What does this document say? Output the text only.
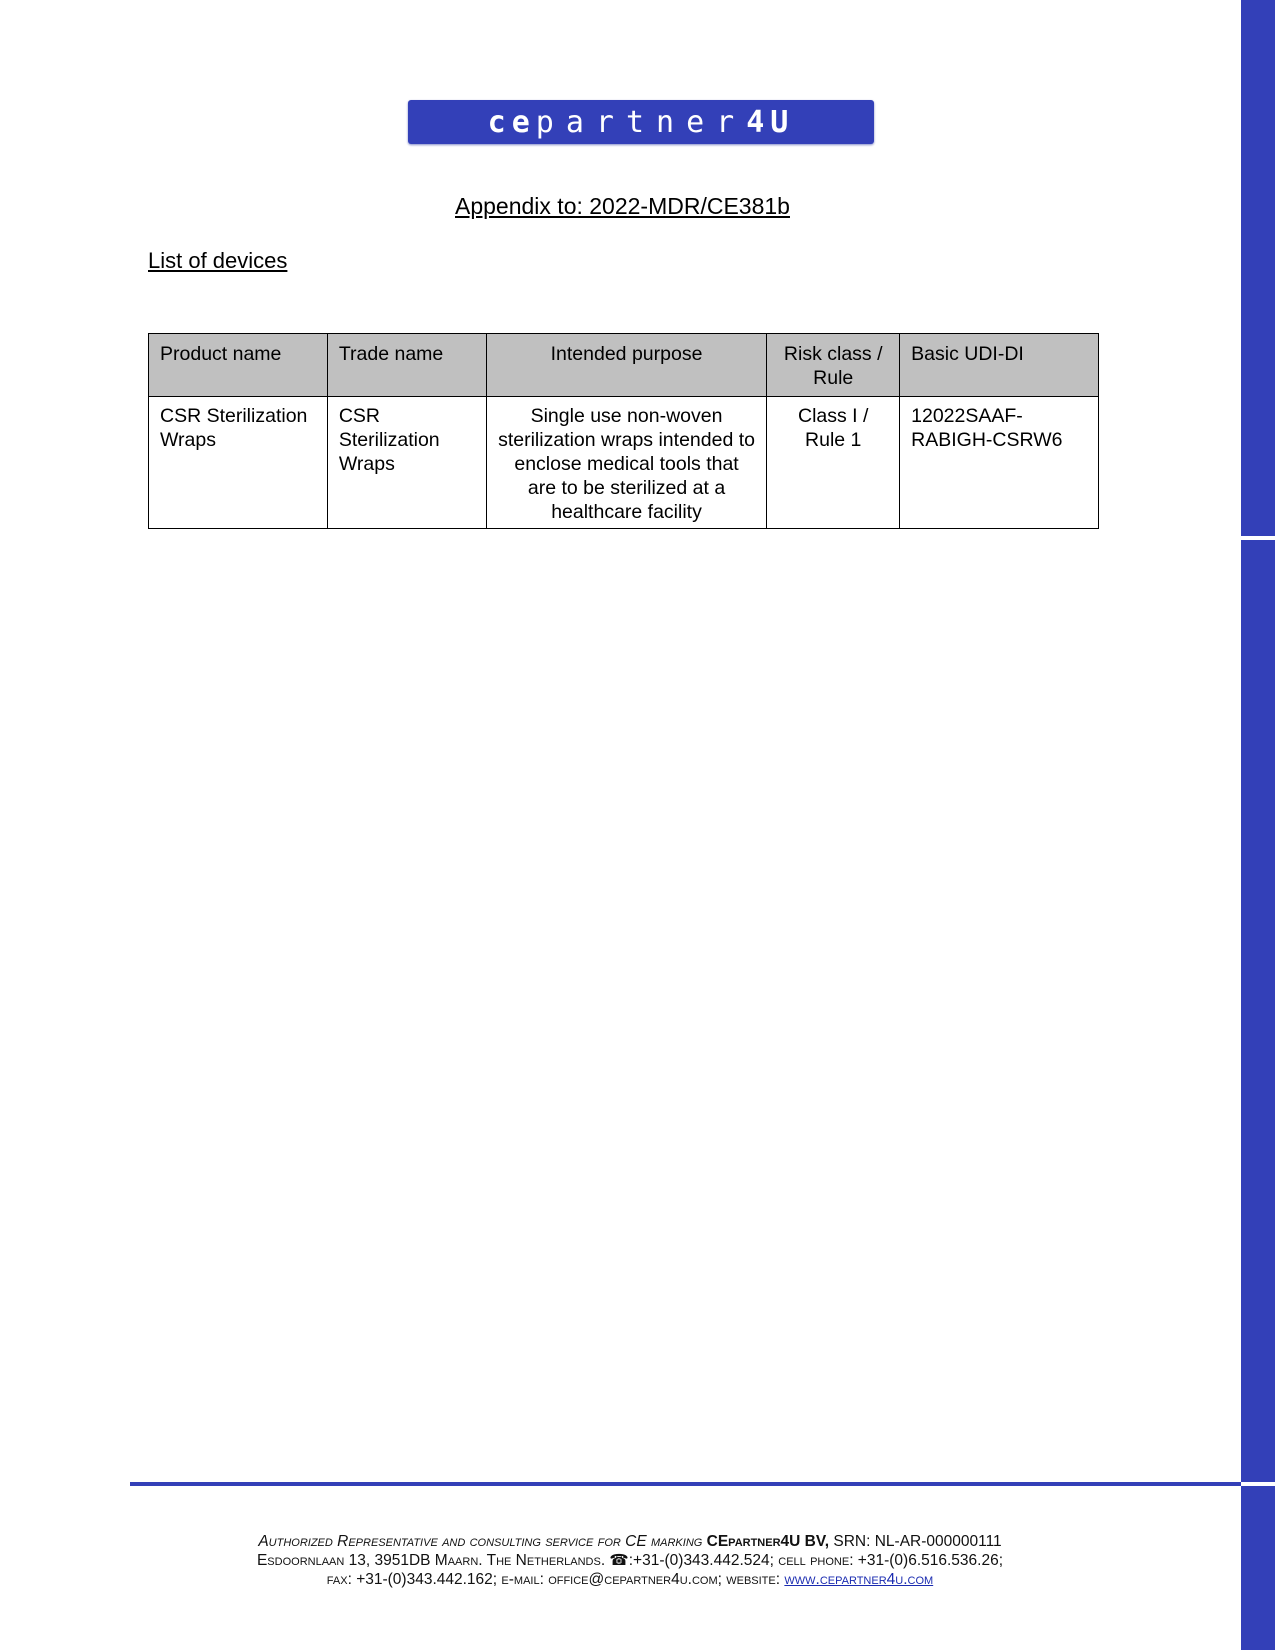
ce partner 4U
Appendix to: 2022-MDR/CE381b
List of devices
Product name	Trade name	Intended purpose	Risk class / Rule	Basic UDI-DI
CSR Sterilization Wraps	CSR Sterilization Wraps	Single use non-woven sterilization wraps intended to enclose medical tools that are to be sterilized at a healthcare facility	Class I / Rule 1	12022SAAF-RABIGH-CSRW6
Authorized Representative and consulting service for CE marking CEpartner4U BV, SRN: NL-AR-000000111
Esdoornlaan 13, 3951DB Maarn. The Netherlands. ☎:+31-(0)343.442.524; cell phone: +31-(0)6.516.536.26;
fax: +31-(0)343.442.162; e-mail: office@cepartner4u.com; website: www.cepartner4u.com
